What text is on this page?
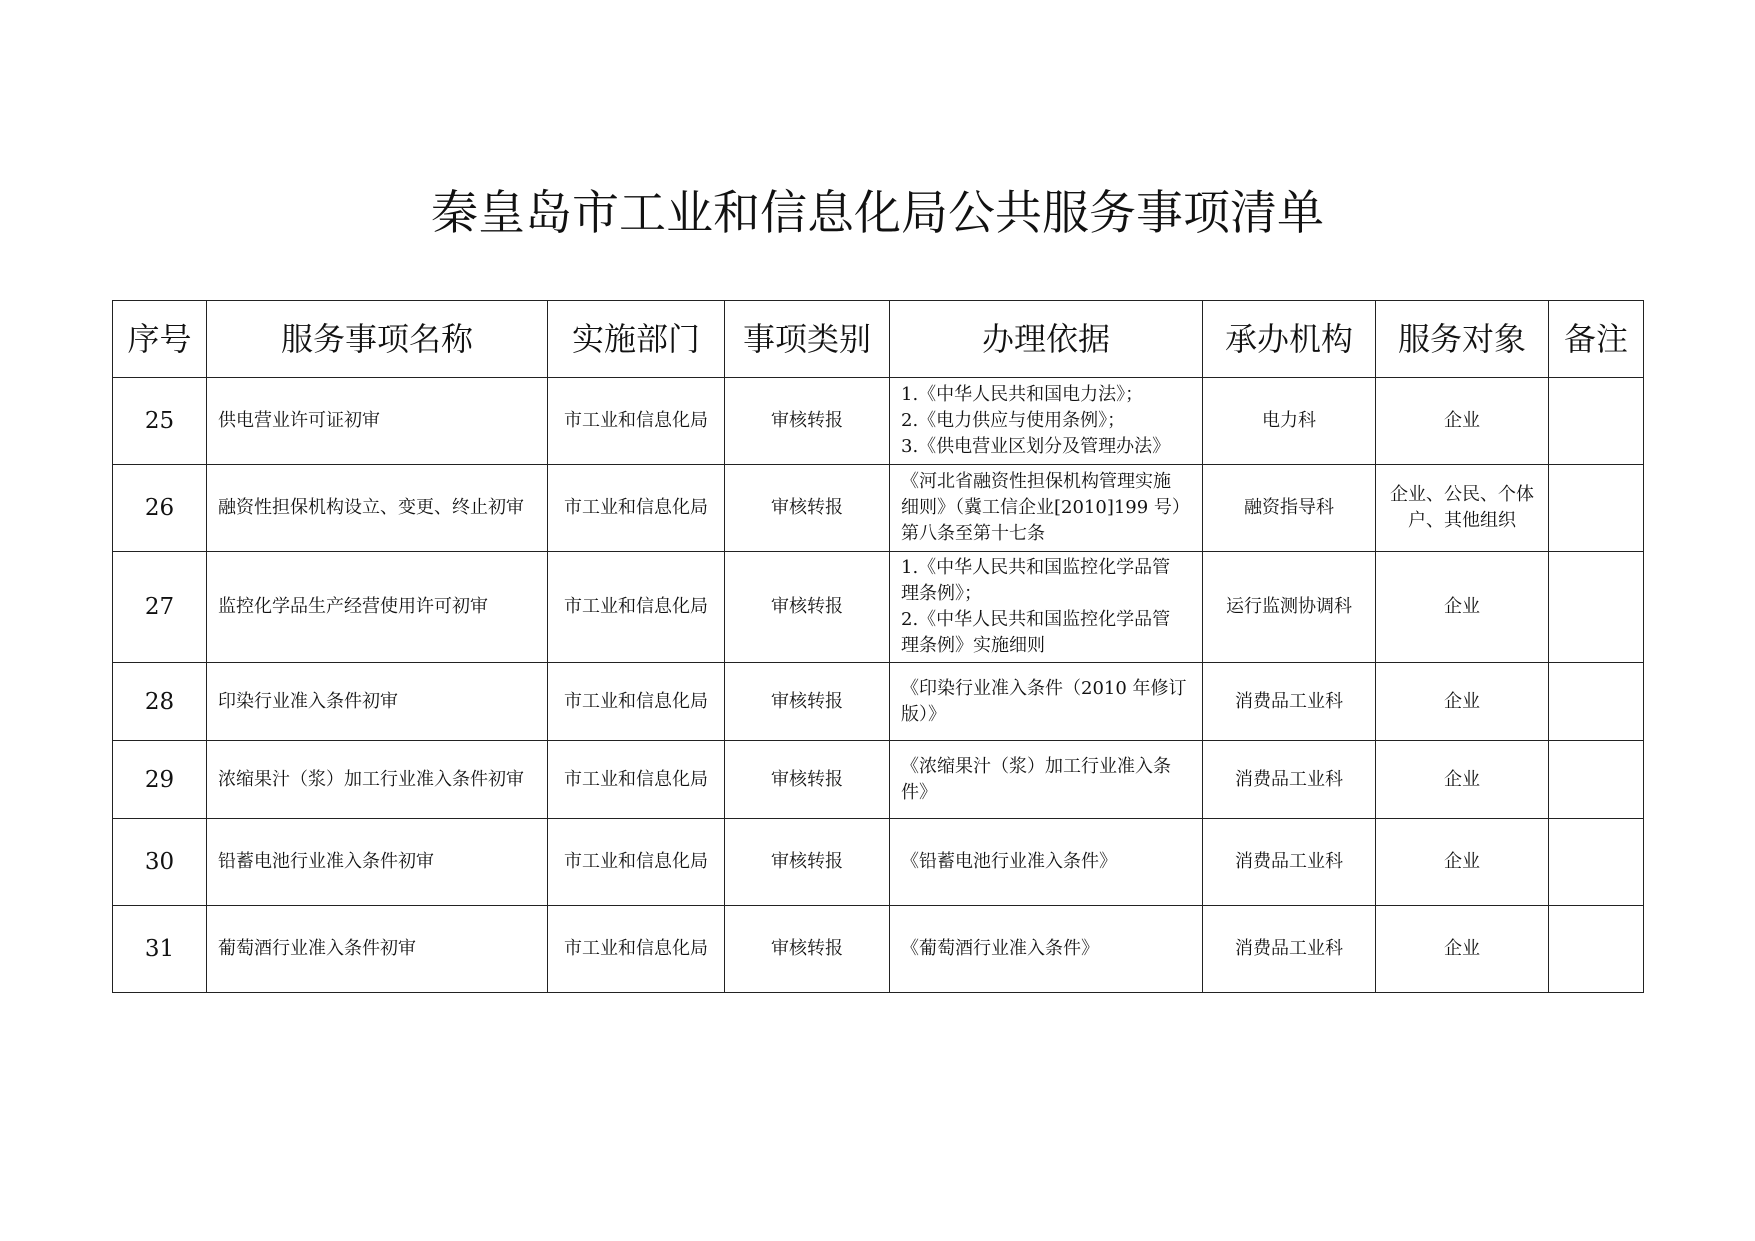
秦皇岛市工业和信息化局公共服务事项清单
序号	服务事项名称	实施部门	事项类别	办理依据	承办机构	服务对象	备注
25	供电营业许可证初审	市工业和信息化局	审核转报	1.《中华人民共和国电力法》；
2.《电力供应与使用条例》；
3.《供电营业区划分及管理办法》	电力科	企业	

26	融资性担保机构设立、变更、终止初审	市工业和信息化局	审核转报	《河北省融资性担保机构管理实施
细则》（冀工信企业[2010]199 号）
第八条至第十七条	融资指导科	企业、公民、个体
户、其他组织	

27	监控化学品生产经营使用许可初审	市工业和信息化局	审核转报	1.《中华人民共和国监控化学品管
理条例》；
2.《中华人民共和国监控化学品管
理条例》实施细则	运行监测协调科	企业	

28	印染行业准入条件初审	市工业和信息化局	审核转报	《印染行业准入条件（2010 年修订
版）》	消费品工业科	企业	

29	浓缩果汁（浆）加工行业准入条件初审	市工业和信息化局	审核转报	《浓缩果汁（浆）加工行业准入条
件》	消费品工业科	企业	

30	铅蓄电池行业准入条件初审	市工业和信息化局	审核转报	《铅蓄电池行业准入条件》	消费品工业科	企业	

31	葡萄酒行业准入条件初审	市工业和信息化局	审核转报	《葡萄酒行业准入条件》	消费品工业科	企业	
